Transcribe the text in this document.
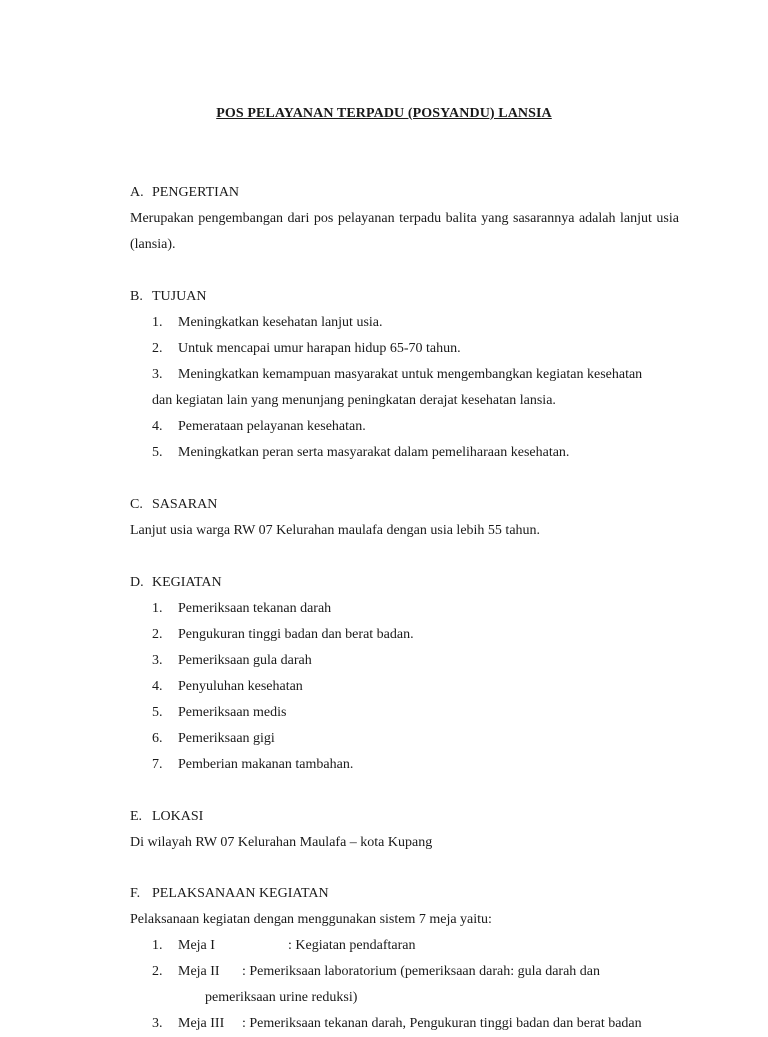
POS PELAYANAN TERPADU (POSYANDU) LANSIA
A. PENGERTIAN
Merupakan pengembangan dari pos pelayanan terpadu balita yang sasarannya adalah lanjut usia (lansia).
B. TUJUAN
1. Meningkatkan kesehatan lanjut usia.
2. Untuk mencapai umur harapan hidup 65-70 tahun.
3. Meningkatkan kemampuan masyarakat untuk mengembangkan kegiatan kesehatan
dan kegiatan lain yang menunjang peningkatan derajat kesehatan lansia.
4. Pemerataan pelayanan kesehatan.
5. Meningkatkan peran serta masyarakat dalam pemeliharaan kesehatan.
C. SASARAN
Lanjut usia warga RW 07 Kelurahan maulafa dengan usia lebih 55 tahun.
D. KEGIATAN
1. Pemeriksaan tekanan darah
2. Pengukuran tinggi badan dan berat badan.
3. Pemeriksaan gula darah
4. Penyuluhan kesehatan
5. Pemeriksaan medis
6. Pemeriksaan gigi
7. Pemberian makanan tambahan.
E. LOKASI
Di wilayah RW 07 Kelurahan Maulafa – kota Kupang
F. PELAKSANAAN KEGIATAN
Pelaksanaan kegiatan dengan menggunakan sistem 7 meja yaitu:
1. Meja I	: Kegiatan pendaftaran
2. Meja II : Pemeriksaan laboratorium (pemeriksaan darah: gula darah dan
pemeriksaan urine reduksi)
3. Meja III : Pemeriksaan tekanan darah, Pengukuran tinggi badan dan berat badan
